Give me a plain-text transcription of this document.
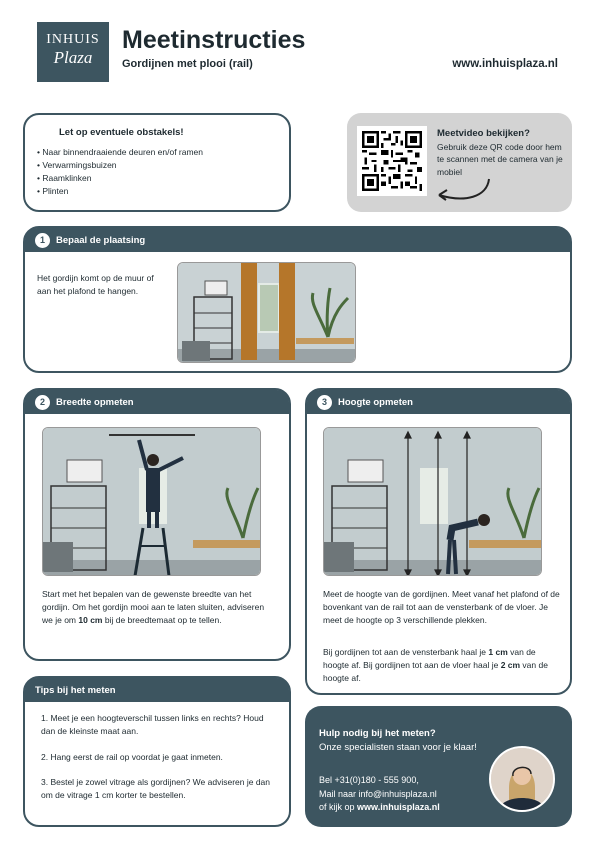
INHUIS
Plaza
Meetinstructies
Gordijnen met plooi (rail)	www.inhuisplaza.nl
Let op eventuele obstakels!
• Naar binnendraaiende deuren en/of ramen
• Verwarmingsbuizen
• Raamklinken
• Plinten
Meetvideo bekijken?
Gebruik deze QR code door hem te scannen met de camera van je mobiel
1	Bepaal de plaatsing
Het gordijn komt op de muur of aan het plafond te hangen.
2	Breedte opmeten
Start met het bepalen van de gewenste breedte van het gordijn. Om het gordijn mooi aan te laten sluiten, adviseren we je om 10 cm bij de breedtemaat op te tellen.
3	Hoogte opmeten
Meet de hoogte van de gordijnen. Meet vanaf het plafond of de bovenkant van de rail tot aan de vensterbank of de vloer. Je meet de hoogte op 3 verschillende plekken.
Bij gordijnen tot aan de vensterbank haal je 1 cm van de hoogte af. Bij gordijnen tot aan de vloer haal je 2 cm van de hoogte af.
Tips bij het meten
1. Meet je een hoogteverschil tussen links en rechts? Houd dan de kleinste maat aan.
2. Hang eerst de rail op voordat je gaat inmeten.
3. Bestel je zowel vitrage als gordijnen? We adviseren je dan om de vitrage 1 cm korter te bestellen.
Hulp nodig bij het meten?
Onze specialisten staan voor je klaar!
Bel +31(0)180 - 555 900,
Mail naar info@inhuisplaza.nl
of kijk op www.inhuisplaza.nl
